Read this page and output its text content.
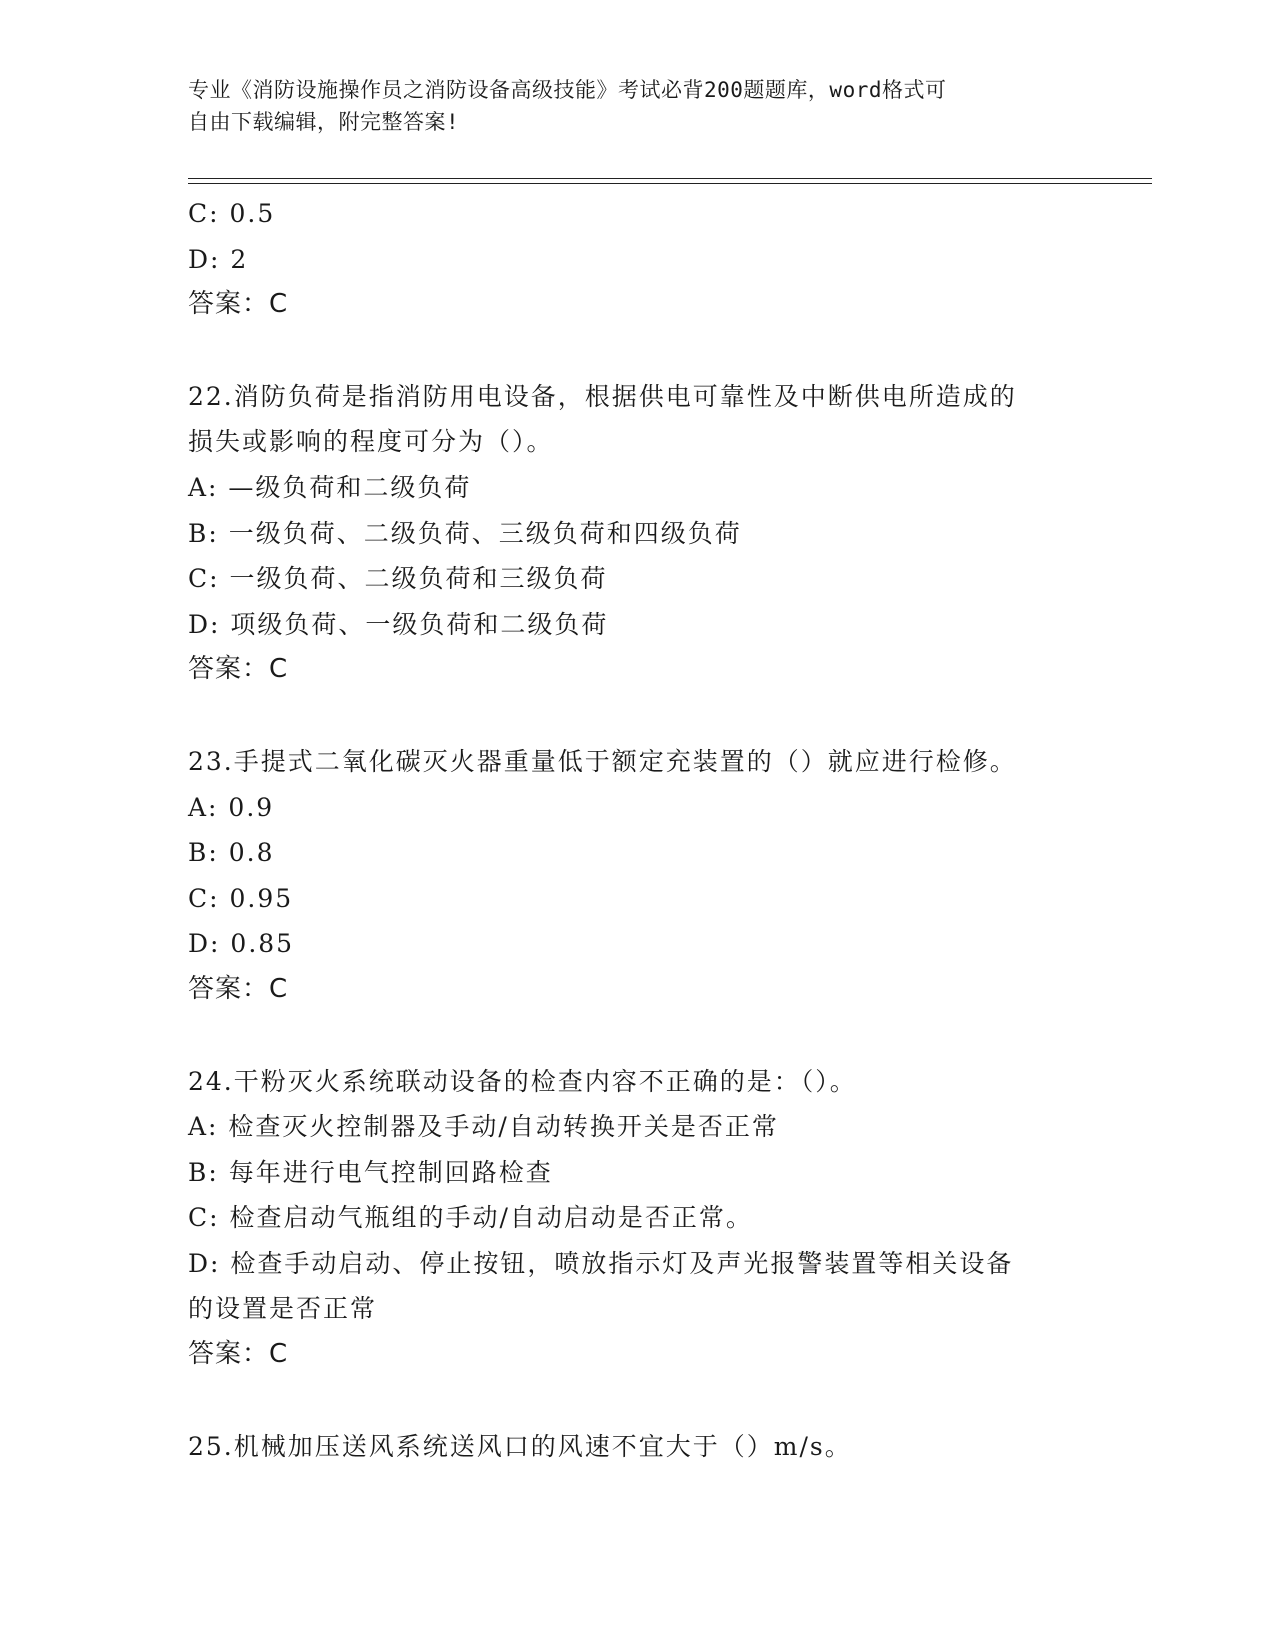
专业《消防设施操作员之消防设备高级技能》考试必背200题题库，word格式可
自由下载编辑，附完整答案!
C: 0.5
D: 2
答案：C
22.消防负荷是指消防用电设备，根据供电可靠性及中断供电所造成的
损失或影响的程度可分为（）。
A: —级负荷和二级负荷
B: 一级负荷、二级负荷、三级负荷和四级负荷
C: 一级负荷、二级负荷和三级负荷
D: 项级负荷、一级负荷和二级负荷
答案：C
23.手提式二氧化碳灭火器重量低于额定充装置的（）就应进行检修。
A: 0.9
B: 0.8
C: 0.95
D: 0.85
答案：C
24.干粉灭火系统联动设备的检查内容不正确的是：（）。
A: 检查灭火控制器及手动/自动转换开关是否正常
B: 每年进行电气控制回路检查
C: 检查启动气瓶组的手动/自动启动是否正常。
D: 检查手动启动、停止按钮，喷放指示灯及声光报警装置等相关设备
的设置是否正常
答案：C
25.机械加压送风系统送风口的风速不宜大于（）m/s。
